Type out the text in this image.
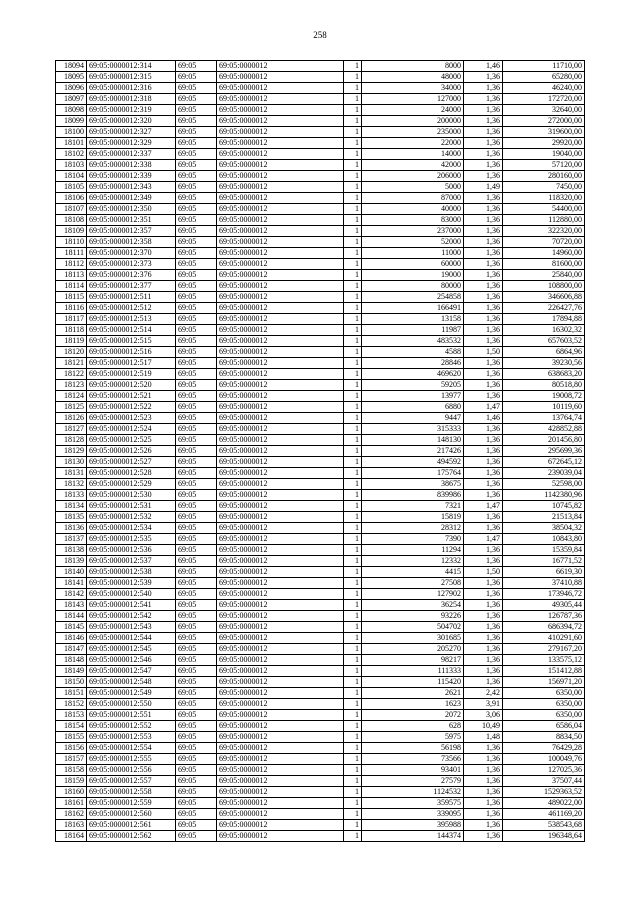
258
18094	69:05:0000012:314	69:05	69:05:0000012	1	8000	1,46	11710,00
18095	69:05:0000012:315	69:05	69:05:0000012	1	48000	1,36	65280,00
18096	69:05:0000012:316	69:05	69:05:0000012	1	34000	1,36	46240,00
18097	69:05:0000012:318	69:05	69:05:0000012	1	127000	1,36	172720,00
18098	69:05:0000012:319	69:05	69:05:0000012	1	24000	1,36	32640,00
18099	69:05:0000012:320	69:05	69:05:0000012	1	200000	1,36	272000,00
18100	69:05:0000012:327	69:05	69:05:0000012	1	235000	1,36	319600,00
18101	69:05:0000012:329	69:05	69:05:0000012	1	22000	1,36	29920,00
18102	69:05:0000012:337	69:05	69:05:0000012	1	14000	1,36	19040,00
18103	69:05:0000012:338	69:05	69:05:0000012	1	42000	1,36	57120,00
18104	69:05:0000012:339	69:05	69:05:0000012	1	206000	1,36	280160,00
18105	69:05:0000012:343	69:05	69:05:0000012	1	5000	1,49	7450,00
18106	69:05:0000012:349	69:05	69:05:0000012	1	87000	1,36	118320,00
18107	69:05:0000012:350	69:05	69:05:0000012	1	40000	1,36	54400,00
18108	69:05:0000012:351	69:05	69:05:0000012	1	83000	1,36	112880,00
18109	69:05:0000012:357	69:05	69:05:0000012	1	237000	1,36	322320,00
18110	69:05:0000012:358	69:05	69:05:0000012	1	52000	1,36	70720,00
18111	69:05:0000012:370	69:05	69:05:0000012	1	11000	1,36	14960,00
18112	69:05:0000012:373	69:05	69:05:0000012	1	60000	1,36	81600,00
18113	69:05:0000012:376	69:05	69:05:0000012	1	19000	1,36	25840,00
18114	69:05:0000012:377	69:05	69:05:0000012	1	80000	1,36	108800,00
18115	69:05:0000012:511	69:05	69:05:0000012	1	254858	1,36	346606,88
18116	69:05:0000012:512	69:05	69:05:0000012	1	166491	1,36	226427,76
18117	69:05:0000012:513	69:05	69:05:0000012	1	13158	1,36	17894,88
18118	69:05:0000012:514	69:05	69:05:0000012	1	11987	1,36	16302,32
18119	69:05:0000012:515	69:05	69:05:0000012	1	483532	1,36	657603,52
18120	69:05:0000012:516	69:05	69:05:0000012	1	4588	1,50	6864,96
18121	69:05:0000012:517	69:05	69:05:0000012	1	28846	1,36	39230,56
18122	69:05:0000012:519	69:05	69:05:0000012	1	469620	1,36	638683,20
18123	69:05:0000012:520	69:05	69:05:0000012	1	59205	1,36	80518,80
18124	69:05:0000012:521	69:05	69:05:0000012	1	13977	1,36	19008,72
18125	69:05:0000012:522	69:05	69:05:0000012	1	6880	1,47	10119,60
18126	69:05:0000012:523	69:05	69:05:0000012	1	9447	1,46	13764,74
18127	69:05:0000012:524	69:05	69:05:0000012	1	315333	1,36	428852,88
18128	69:05:0000012:525	69:05	69:05:0000012	1	148130	1,36	201456,80
18129	69:05:0000012:526	69:05	69:05:0000012	1	217426	1,36	295699,36
18130	69:05:0000012:527	69:05	69:05:0000012	1	494592	1,36	672645,12
18131	69:05:0000012:528	69:05	69:05:0000012	1	175764	1,36	239039,04
18132	69:05:0000012:529	69:05	69:05:0000012	1	38675	1,36	52598,00
18133	69:05:0000012:530	69:05	69:05:0000012	1	839986	1,36	1142380,96
18134	69:05:0000012:531	69:05	69:05:0000012	1	7321	1,47	10745,82
18135	69:05:0000012:532	69:05	69:05:0000012	1	15819	1,36	21513,84
18136	69:05:0000012:534	69:05	69:05:0000012	1	28312	1,36	38504,32
18137	69:05:0000012:535	69:05	69:05:0000012	1	7390	1,47	10843,80
18138	69:05:0000012:536	69:05	69:05:0000012	1	11294	1,36	15359,84
18139	69:05:0000012:537	69:05	69:05:0000012	1	12332	1,36	16771,52
18140	69:05:0000012:538	69:05	69:05:0000012	1	4415	1,50	6619,30
18141	69:05:0000012:539	69:05	69:05:0000012	1	27508	1,36	37410,88
18142	69:05:0000012:540	69:05	69:05:0000012	1	127902	1,36	173946,72
18143	69:05:0000012:541	69:05	69:05:0000012	1	36254	1,36	49305,44
18144	69:05:0000012:542	69:05	69:05:0000012	1	93226	1,36	126787,36
18145	69:05:0000012:543	69:05	69:05:0000012	1	504702	1,36	686394,72
18146	69:05:0000012:544	69:05	69:05:0000012	1	301685	1,36	410291,60
18147	69:05:0000012:545	69:05	69:05:0000012	1	205270	1,36	279167,20
18148	69:05:0000012:546	69:05	69:05:0000012	1	98217	1,36	133575,12
18149	69:05:0000012:547	69:05	69:05:0000012	1	111333	1,36	151412,88
18150	69:05:0000012:548	69:05	69:05:0000012	1	115420	1,36	156971,20
18151	69:05:0000012:549	69:05	69:05:0000012	1	2621	2,42	6350,00
18152	69:05:0000012:550	69:05	69:05:0000012	1	1623	3,91	6350,00
18153	69:05:0000012:551	69:05	69:05:0000012	1	2072	3,06	6350,00
18154	69:05:0000012:552	69:05	69:05:0000012	1	628	10,49	6586,04
18155	69:05:0000012:553	69:05	69:05:0000012	1	5975	1,48	8834,50
18156	69:05:0000012:554	69:05	69:05:0000012	1	56198	1,36	76429,28
18157	69:05:0000012:555	69:05	69:05:0000012	1	73566	1,36	100049,76
18158	69:05:0000012:556	69:05	69:05:0000012	1	93401	1,36	127025,36
18159	69:05:0000012:557	69:05	69:05:0000012	1	27579	1,36	37507,44
18160	69:05:0000012:558	69:05	69:05:0000012	1	1124532	1,36	1529363,52
18161	69:05:0000012:559	69:05	69:05:0000012	1	359575	1,36	489022,00
18162	69:05:0000012:560	69:05	69:05:0000012	1	339095	1,36	461169,20
18163	69:05:0000012:561	69:05	69:05:0000012	1	395988	1,36	538543,68
18164	69:05:0000012:562	69:05	69:05:0000012	1	144374	1,36	196348,64
